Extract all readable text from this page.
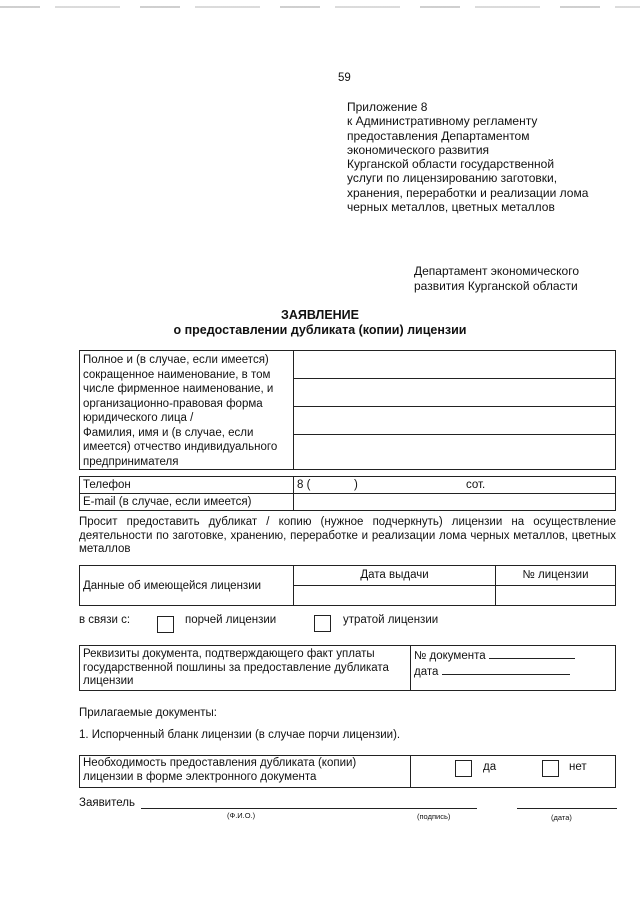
59
Приложение 8
к Административному регламенту
предоставления Департаментом
экономического развития
Курганской области государственной
услуги по лицензированию заготовки,
хранения, переработки и реализации лома
черных металлов, цветных металлов
Департамент экономического
развития Курганской области
ЗАЯВЛЕНИЕ
о предоставлении дубликата (копии) лицензии
Полное и (в случае, если имеется)
сокращенное наименование, в том
числе фирменное наименование, и
организационно-правовая форма
юридического лица /
Фамилия, имя и (в случае, если
имеется) отчество индивидуального
предпринимателя

Телефон	8 ( ) сот.

E-mail (в случае, если имеется)	
Просит предоставить дубликат / копию (нужное подчеркнуть) лицензии на осуществление деятельности по заготовке, хранению, переработке и реализации лома черных металлов, цветных металлов
Данные об имеющейся лицензии	Дата выдачи	№ лицензии

в связи с:	порчей лицензии	утратой лицензии
Реквизиты документа, подтверждающего факт уплаты государственной пошлины за предоставление дубликата лицензии	
№ документа
дата
Прилагаемые документы:
1. Испорченный бланк лицензии (в случае порчи лицензии).
Необходимость предоставления дубликата (копии) лицензии в форме электронного документа	
да	нет
Заявитель
(Ф.И.О.)	(подпись)	(дата)
